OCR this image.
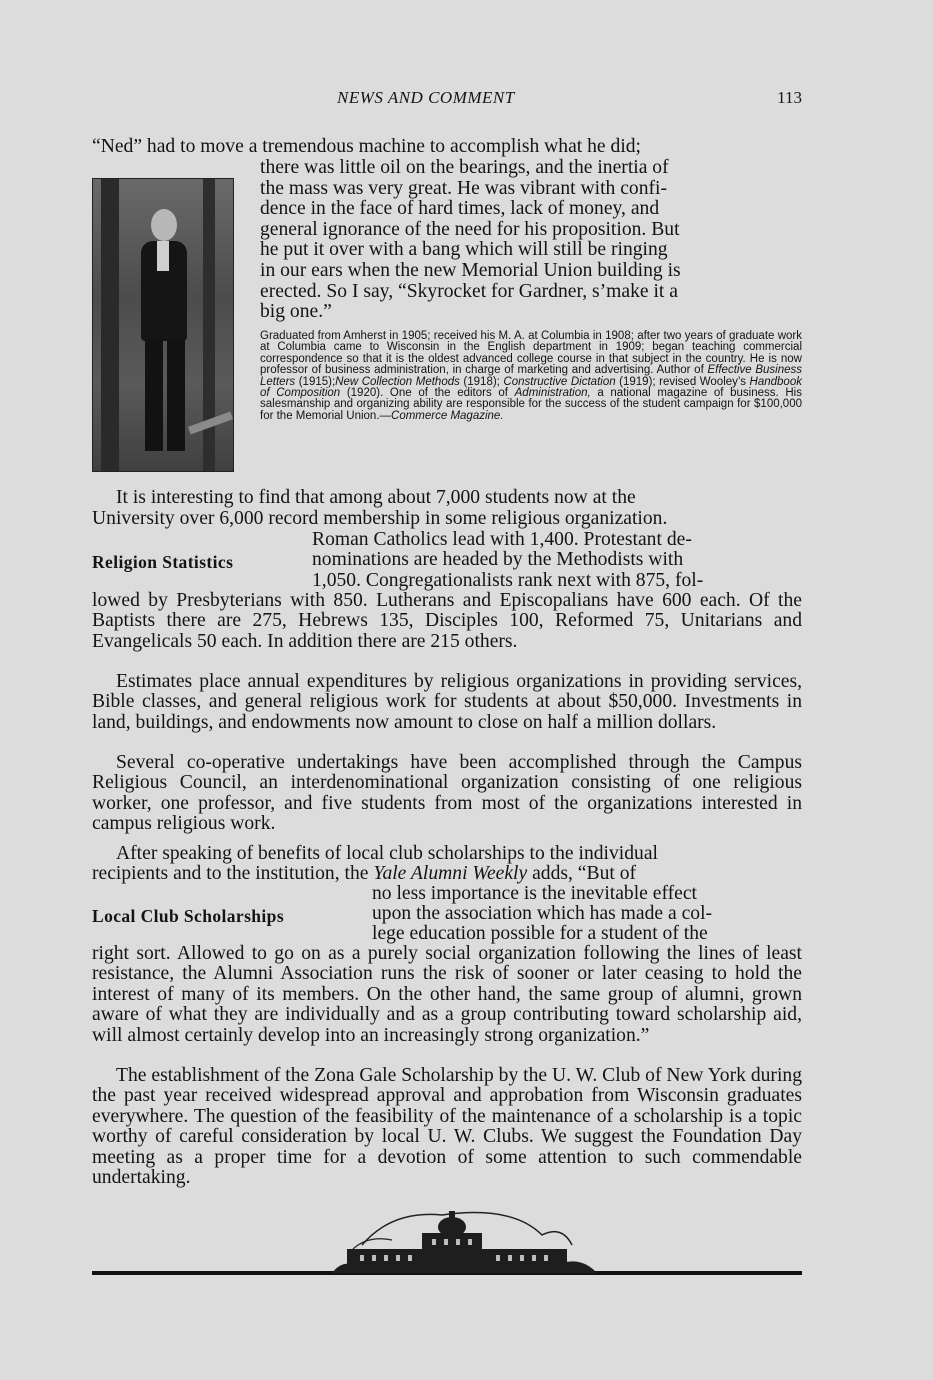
NEWS AND COMMENT	113

“Ned” had to move a tremendous machine to accomplish what he did;

there was little oil on the bearings, and the inertia of
the mass was very great. He was vibrant with confi-
dence in the face of hard times, lack of money, and
general ignorance of the need for his proposition. But
he put it over with a bang which will still be ringing
in our ears when the new Memorial Union building is
erected. So I say, “Skyrocket for Gardner, s’make it a
big one.”
Graduated from Amherst in 1905; received his M. A. at Columbia in 1908; after two years of graduate work at Columbia came to Wisconsin in the English department in 1909; began teaching commercial correspondence so that it is the oldest advanced college course in that subject in the country. He is now professor of business administration, in charge of marketing and advertising. Author of Effective Business Letters (1915);New Collection Methods (1918); Constructive Dictation (1919); revised Wooley’s Handbook of Composition (1920). One of the editors of Administration, a national magazine of business. His salesmanship and organizing ability are responsible for the success of the student campaign for $100,000 for the Memorial Union.—Commerce Magazine.
It is interesting to find that among about 7,000 students now at the
University over 6,000 record membership in some religious organization.
Roman Catholics lead with 1,400. Protestant de-
Religion Statistics	nominations are headed by the Methodists with
1,050. Congregationalists rank next with 875, fol-
lowed by Presbyterians with 850. Lutherans and Episcopalians have 600 each. Of the Baptists there are 275, Hebrews 135, Disciples 100, Reformed 75, Unitarians and Evangelicals 50 each. In addition there are 215 others.
Estimates place annual expenditures by religious organizations in providing services, Bible classes, and general religious work for students at about $50,000. Investments in land, buildings, and endowments now amount to close on half a million dollars.
Several co-operative undertakings have been accomplished through the Campus Religious Council, an interdenominational organization consisting of one religious worker, one professor, and five students from most of the organizations interested in campus religious work.
After speaking of benefits of local club scholarships to the individual
recipients and to the institution, the Yale Alumni Weekly adds, “But of
no less importance is the inevitable effect
Local Club Scholarships	upon the association which has made a col-
lege education possible for a student of the
right sort. Allowed to go on as a purely social organization following the lines of least resistance, the Alumni Association runs the risk of sooner or later ceasing to hold the interest of many of its members. On the other hand, the same group of alumni, grown aware of what they are individually and as a group contributing toward scholarship aid, will almost certainly develop into an increasingly strong organization.”
The establishment of the Zona Gale Scholarship by the U. W. Club of New York during the past year received widespread approval and approbation from Wisconsin graduates everywhere. The question of the feasibility of the maintenance of a scholarship is a topic worthy of careful consideration by local U. W. Clubs. We suggest the Foundation Day meeting as a proper time for a devotion of some attention to such commendable undertaking.
